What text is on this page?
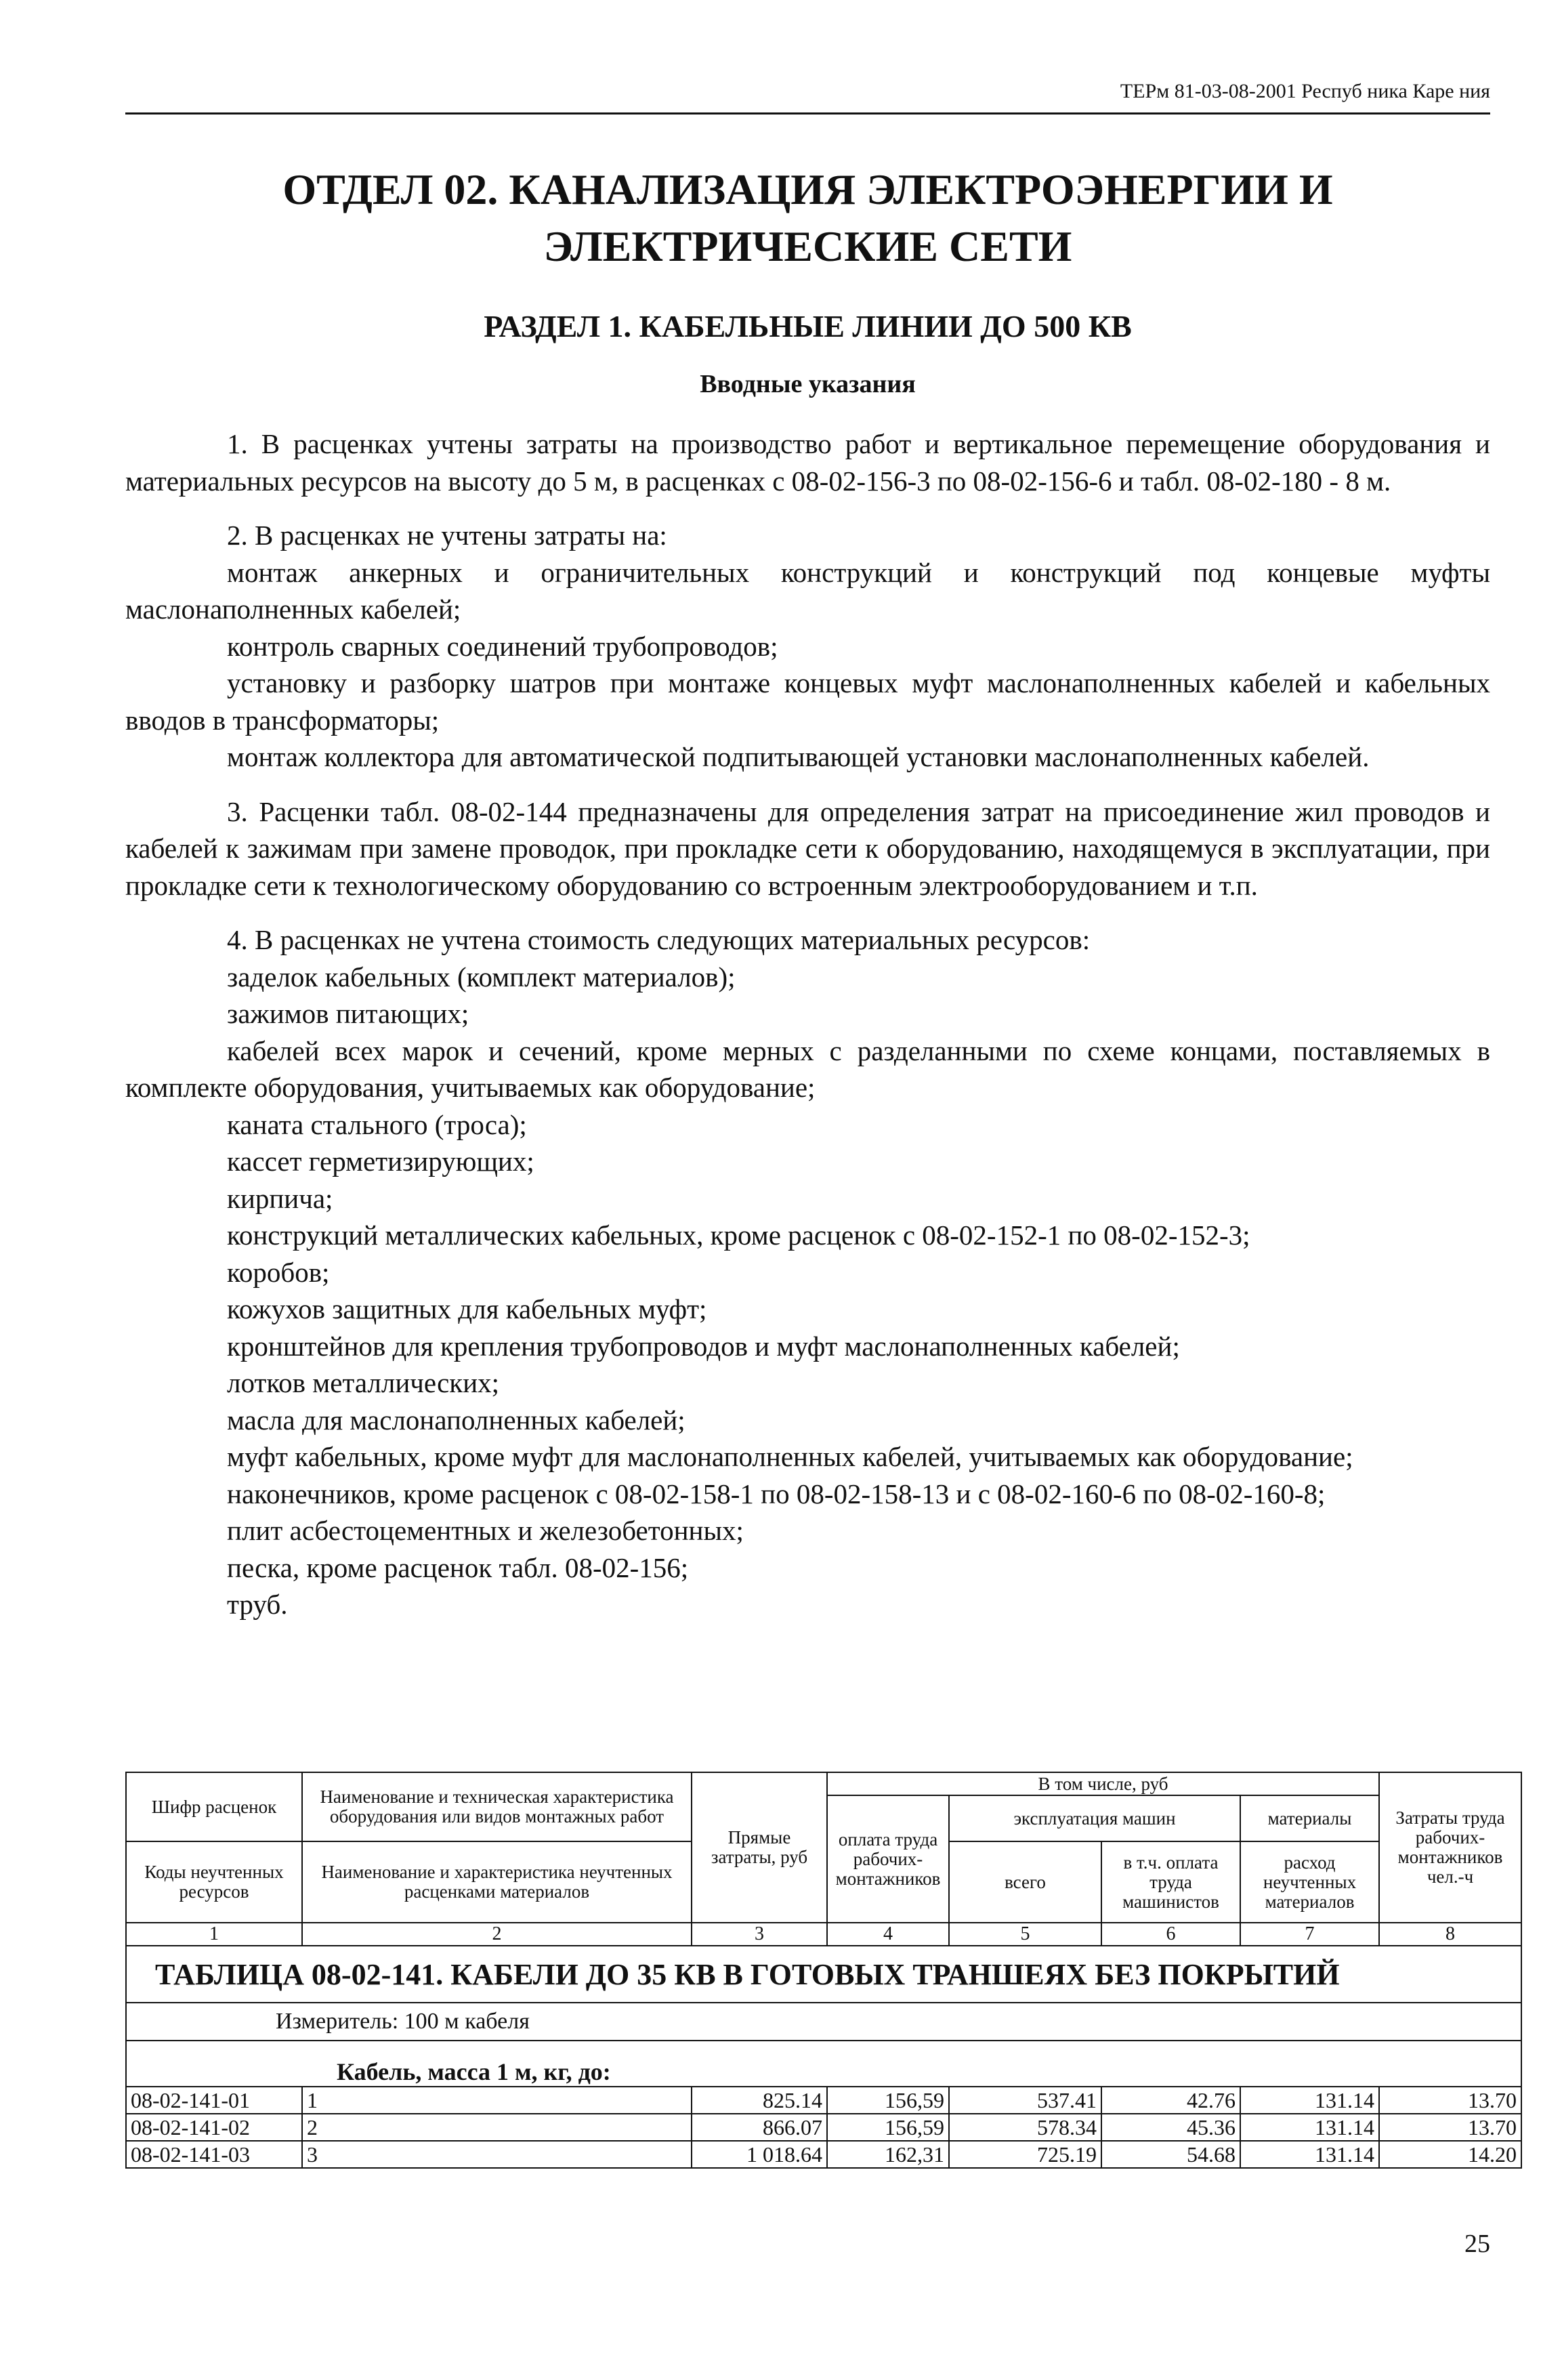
ТЕРм 81-03-08-2001 Респуб ника Каре ния
ОТДЕЛ 02. КАНАЛИЗАЦИЯ ЭЛЕКТРОЭНЕРГИИ И
ЭЛЕКТРИЧЕСКИЕ СЕТИ
РАЗДЕЛ 1. КАБЕЛЬНЫЕ ЛИНИИ ДО 500 КВ
Вводные указания

1. В расценках учтены затраты на производство работ и вертикальное перемещение оборудования и материальных ресурсов на высоту до 5 м, в расценках с 08-02-156-3 по 08-02-156-6 и табл. 08-02-180 - 8 м.

2. В расценках не учтены затраты на:

монтаж анкерных и ограничительных конструкций и конструкций под концевые муфты маслонаполненных кабелей;

контроль сварных соединений трубопроводов;

установку и разборку шатров при монтаже концевых муфт маслонаполненных кабелей и кабельных вводов в трансформаторы;

монтаж коллектора для автоматической подпитывающей установки маслонаполненных кабелей.

3. Расценки табл. 08-02-144 предназначены для определения затрат на присоединение жил проводов и кабелей к зажимам при замене проводок, при прокладке сети к оборудованию, находящемуся в эксплуатации, при прокладке сети к технологическому оборудованию со встроенным электрооборудованием и т.п.

4. В расценках не учтена стоимость следующих материальных ресурсов:

заделок кабельных (комплект материалов);

зажимов питающих;

кабелей всех марок и сечений, кроме мерных с разделанными по схеме концами, поставляемых в комплекте оборудования, учитываемых как оборудование;

каната стального (троса);

кассет герметизирующих;

кирпича;

конструкций металлических кабельных, кроме расценок с 08-02-152-1 по 08-02-152-3;

коробов;

кожухов защитных для кабельных муфт;

кронштейнов для крепления трубопроводов и муфт маслонаполненных кабелей;

лотков металлических;

масла для маслонаполненных кабелей;

муфт кабельных, кроме муфт для маслонаполненных кабелей, учитываемых как оборудование;

наконечников, кроме расценок с 08-02-158-1 по 08-02-158-13 и с 08-02-160-6 по 08-02-160-8;

плит асбестоцементных и железобетонных;

песка, кроме расценок табл. 08-02-156;

труб.

Шифр расценок	Наименование и техническая характеристика оборудования или видов монтажных работ	Прямые затраты, руб	В том числе, руб				Затраты труда рабочих-монтажников чел.-ч
			оплата труда рабочих-монтажников	эксплуатация машин		материалы	
Коды неучтенных ресурсов	Наименование и характеристика неучтенных расценками материалов			всего	в т.ч. оплата труда машинистов	расход неучтенных материалов	

1	2	3	4	5	6	7	8
ТАБЛИЦА 08-02-141. КАБЕЛИ ДО 35 КВ В ГОТОВЫХ ТРАНШЕЯХ БЕЗ ПОКРЫТИЙ							
Измеритель: 100 м кабеля							
Кабель, масса 1 м, кг, до:							
08-02-141-01	1	825.14	156,59	537.41	42.76	131.14	13.70
08-02-141-02	2	866.07	156,59	578.34	45.36	131.14	13.70
08-02-141-03	3	1 018.64	162,31	725.19	54.68	131.14	14.20
25
